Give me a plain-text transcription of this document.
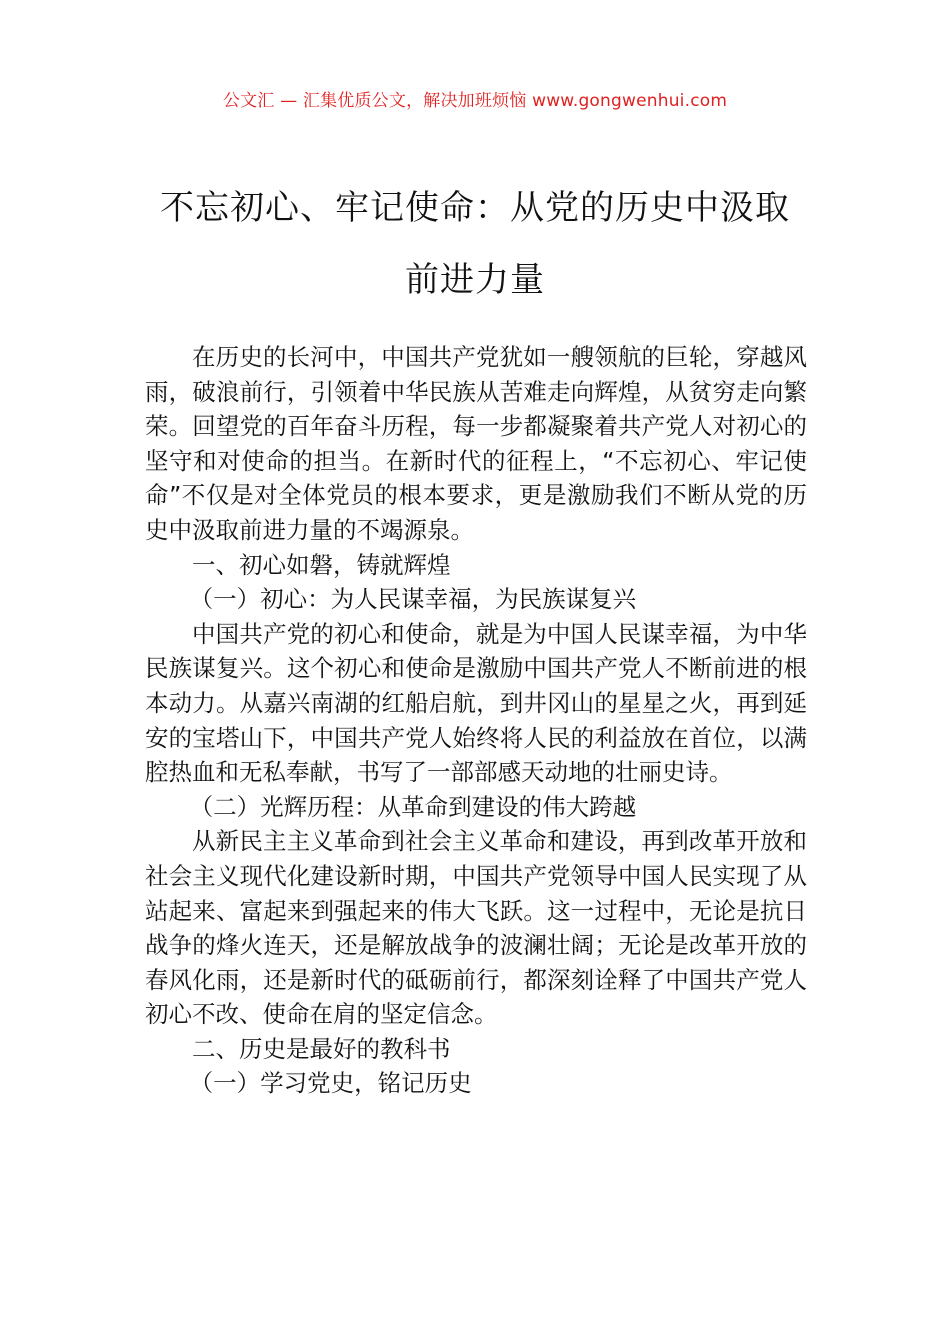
公文汇 — 汇集优质公文，解决加班烦恼 www.gongwenhui.com
不忘初心、牢记使命：从党的历史中汲取
前进力量

在历史的长河中，中国共产党犹如一艘领航的巨轮，穿越风雨，破浪前行，引领着中华民族从苦难走向辉煌，从贫穷走向繁荣。回望党的百年奋斗历程，每一步都凝聚着共产党人对初心的坚守和对使命的担当。在新时代的征程上，“不忘初心、牢记使命”不仅是对全体党员的根本要求，更是激励我们不断从党的历史中汲取前进力量的不竭源泉。

一、初心如磐，铸就辉煌

（一）初心：为人民谋幸福，为民族谋复兴

中国共产党的初心和使命，就是为中国人民谋幸福，为中华民族谋复兴。这个初心和使命是激励中国共产党人不断前进的根本动力。从嘉兴南湖的红船启航，到井冈山的星星之火，再到延安的宝塔山下，中国共产党人始终将人民的利益放在首位，以满腔热血和无私奉献，书写了一部部感天动地的壮丽史诗。

（二）光辉历程：从革命到建设的伟大跨越

从新民主主义革命到社会主义革命和建设，再到改革开放和社会主义现代化建设新时期，中国共产党领导中国人民实现了从站起来、富起来到强起来的伟大飞跃。这一过程中，无论是抗日战争的烽火连天，还是解放战争的波澜壮阔；无论是改革开放的春风化雨，还是新时代的砥砺前行，都深刻诠释了中国共产党人初心不改、使命在肩的坚定信念。

二、历史是最好的教科书

（一）学习党史，铭记历史
